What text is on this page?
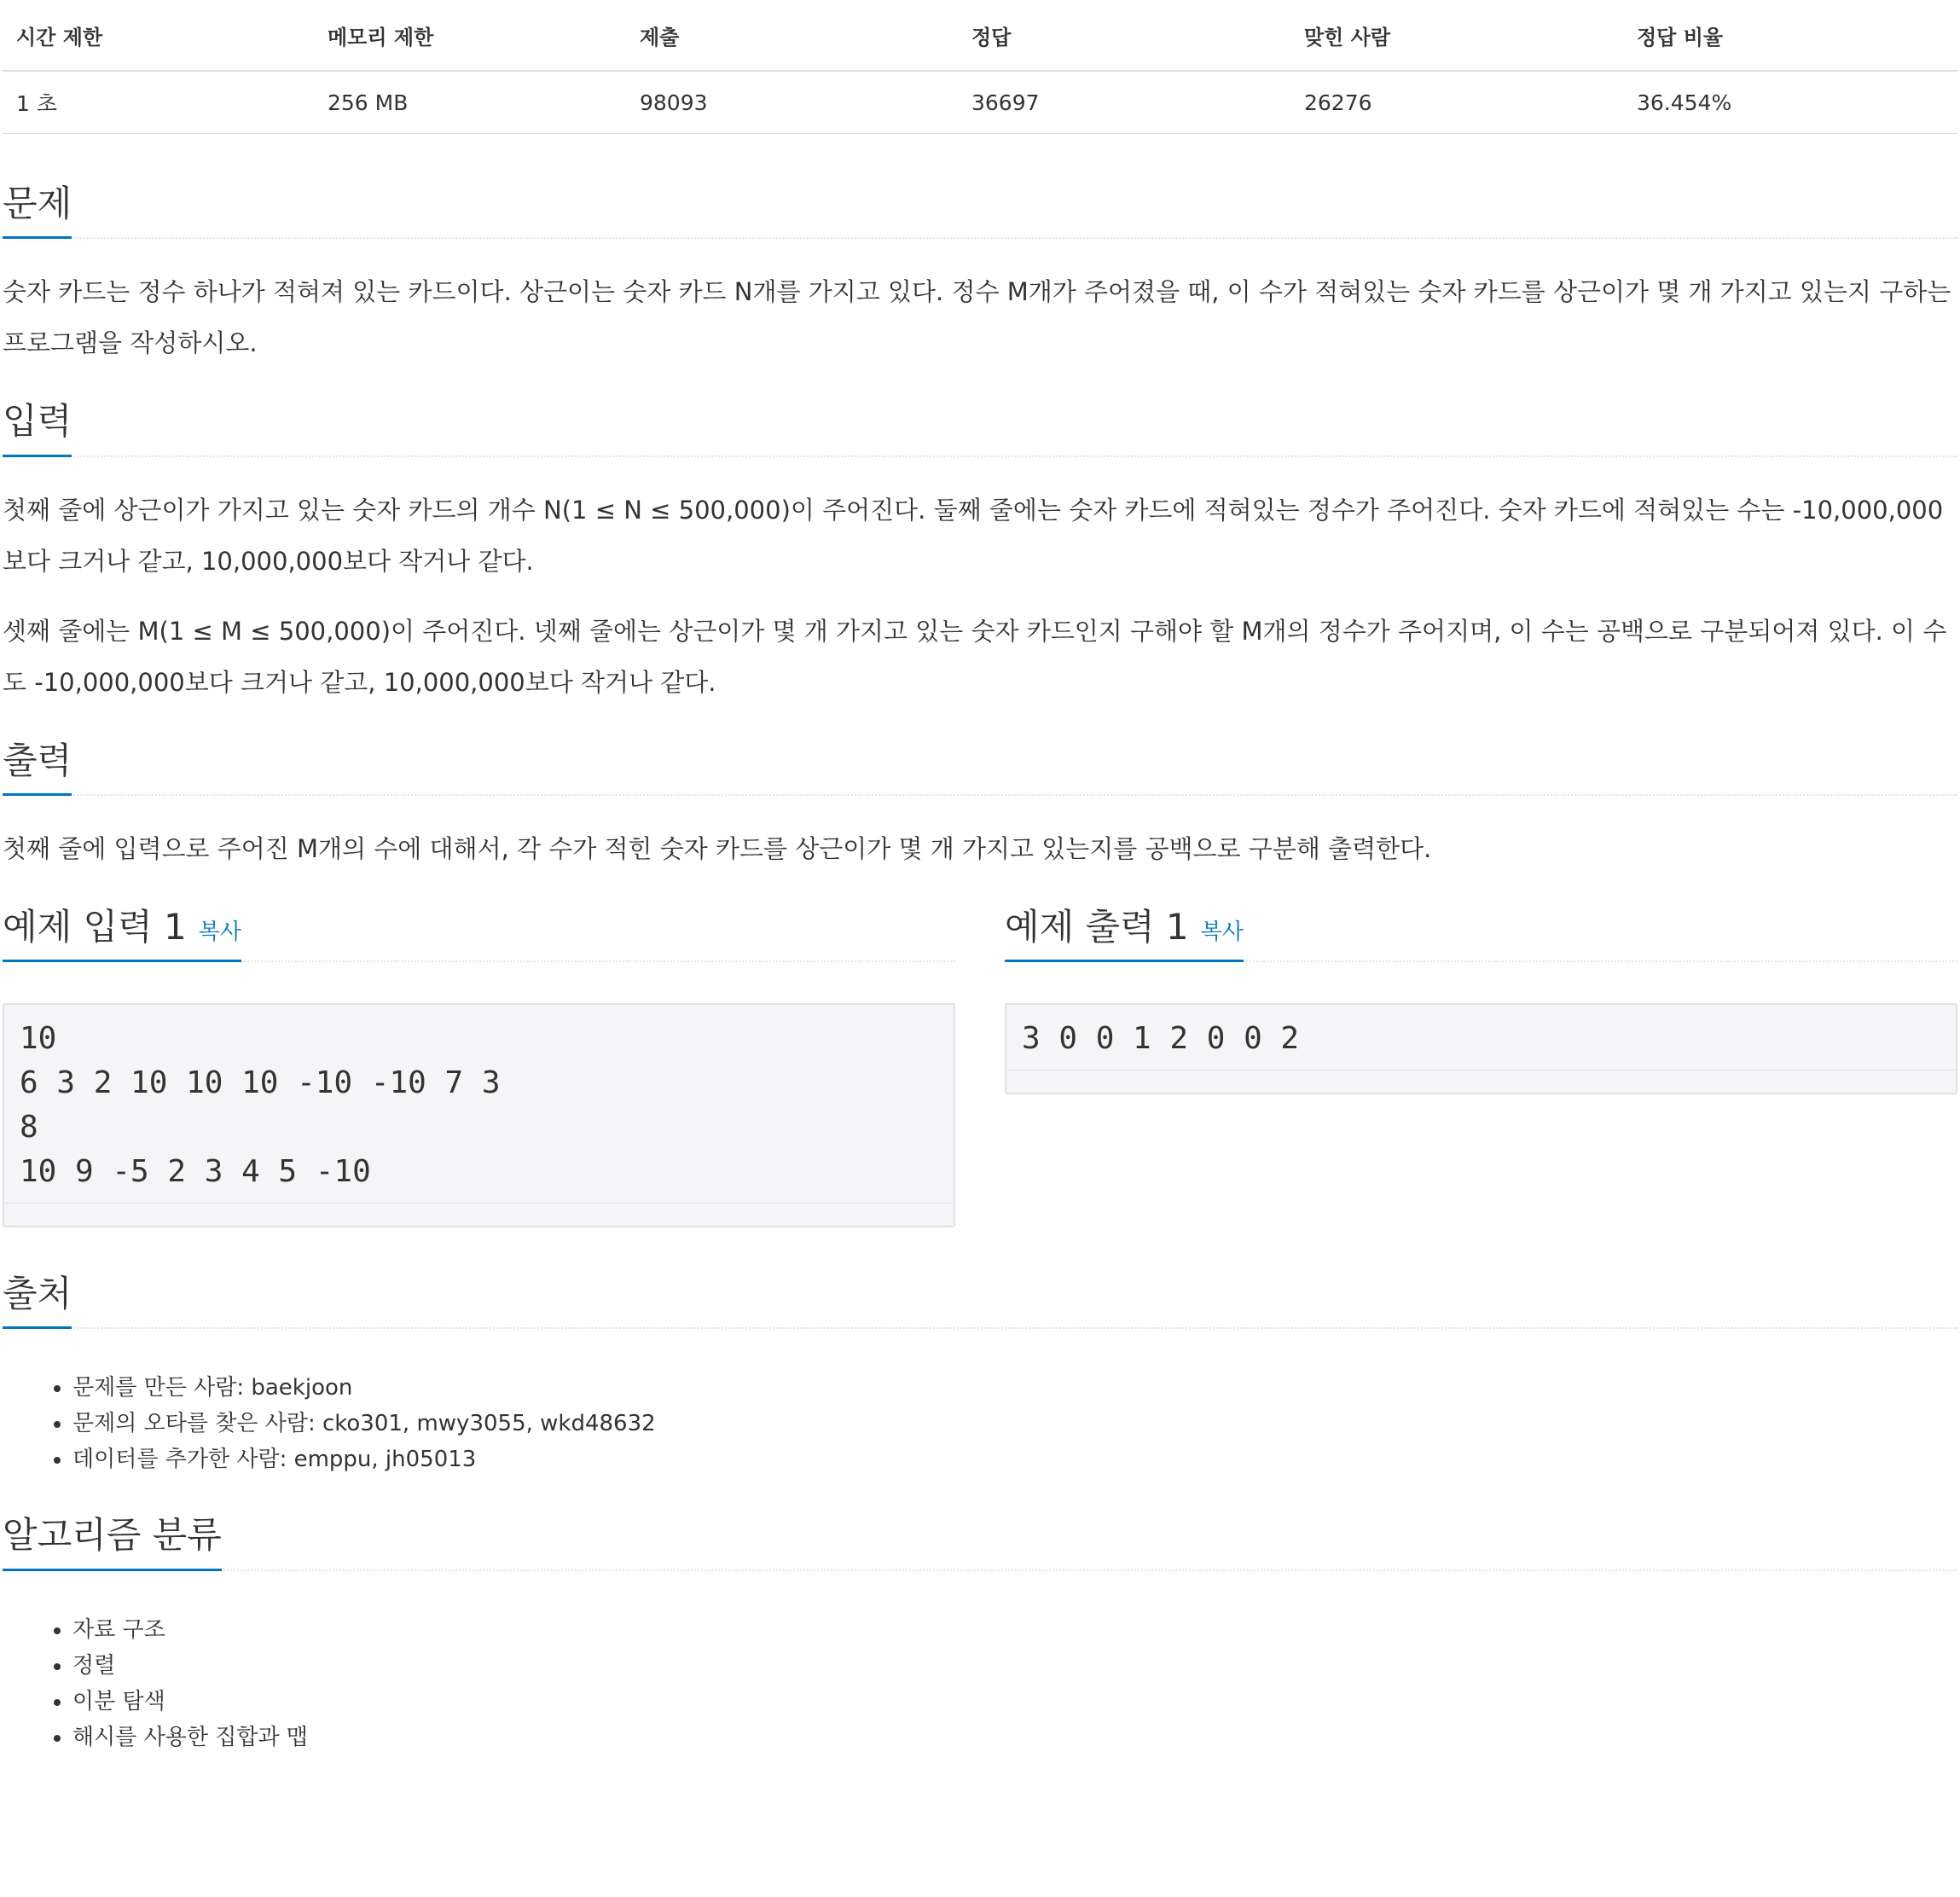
시간 제한	메모리 제한	제출	정답	맞힌 사람	정답 비율
1 초	256 MB	98093	36697	26276	36.454%
문제

숫자 카드는 정수 하나가 적혀져 있는 카드이다. 상근이는 숫자 카드 N개를 가지고 있다. 정수 M개가 주어졌을 때, 이 수가 적혀있는 숫자 카드를 상근이가 몇 개 가지고 있는지 구하는 프로그램을 작성하시오.

입력

첫째 줄에 상근이가 가지고 있는 숫자 카드의 개수 N(1 ≤ N ≤ 500,000)이 주어진다. 둘째 줄에는 숫자 카드에 적혀있는 정수가 주어진다. 숫자 카드에 적혀있는 수는 -10,000,000보다 크거나 같고, 10,000,000보다 작거나 같다.

셋째 줄에는 M(1 ≤ M ≤ 500,000)이 주어진다. 넷째 줄에는 상근이가 몇 개 가지고 있는 숫자 카드인지 구해야 할 M개의 정수가 주어지며, 이 수는 공백으로 구분되어져 있다. 이 수도 -10,000,000보다 크거나 같고, 10,000,000보다 작거나 같다.

출력

첫째 줄에 입력으로 주어진 M개의 수에 대해서, 각 수가 적힌 숫자 카드를 상근이가 몇 개 가지고 있는지를 공백으로 구분해 출력한다.

예제 입력 1 복사
10
6 3 2 10 10 10 -10 -10 7 3
8
10 9 -5 2 3 4 5 -10
예제 출력 1 복사
3 0 0 1 2 0 0 2
출처
• 문제를 만든 사람: baekjoon
• 문제의 오타를 찾은 사람: cko301, mwy3055, wkd48632
• 데이터를 추가한 사람: emppu, jh05013
알고리즘 분류
• 자료 구조
• 정렬
• 이분 탐색
• 해시를 사용한 집합과 맵
